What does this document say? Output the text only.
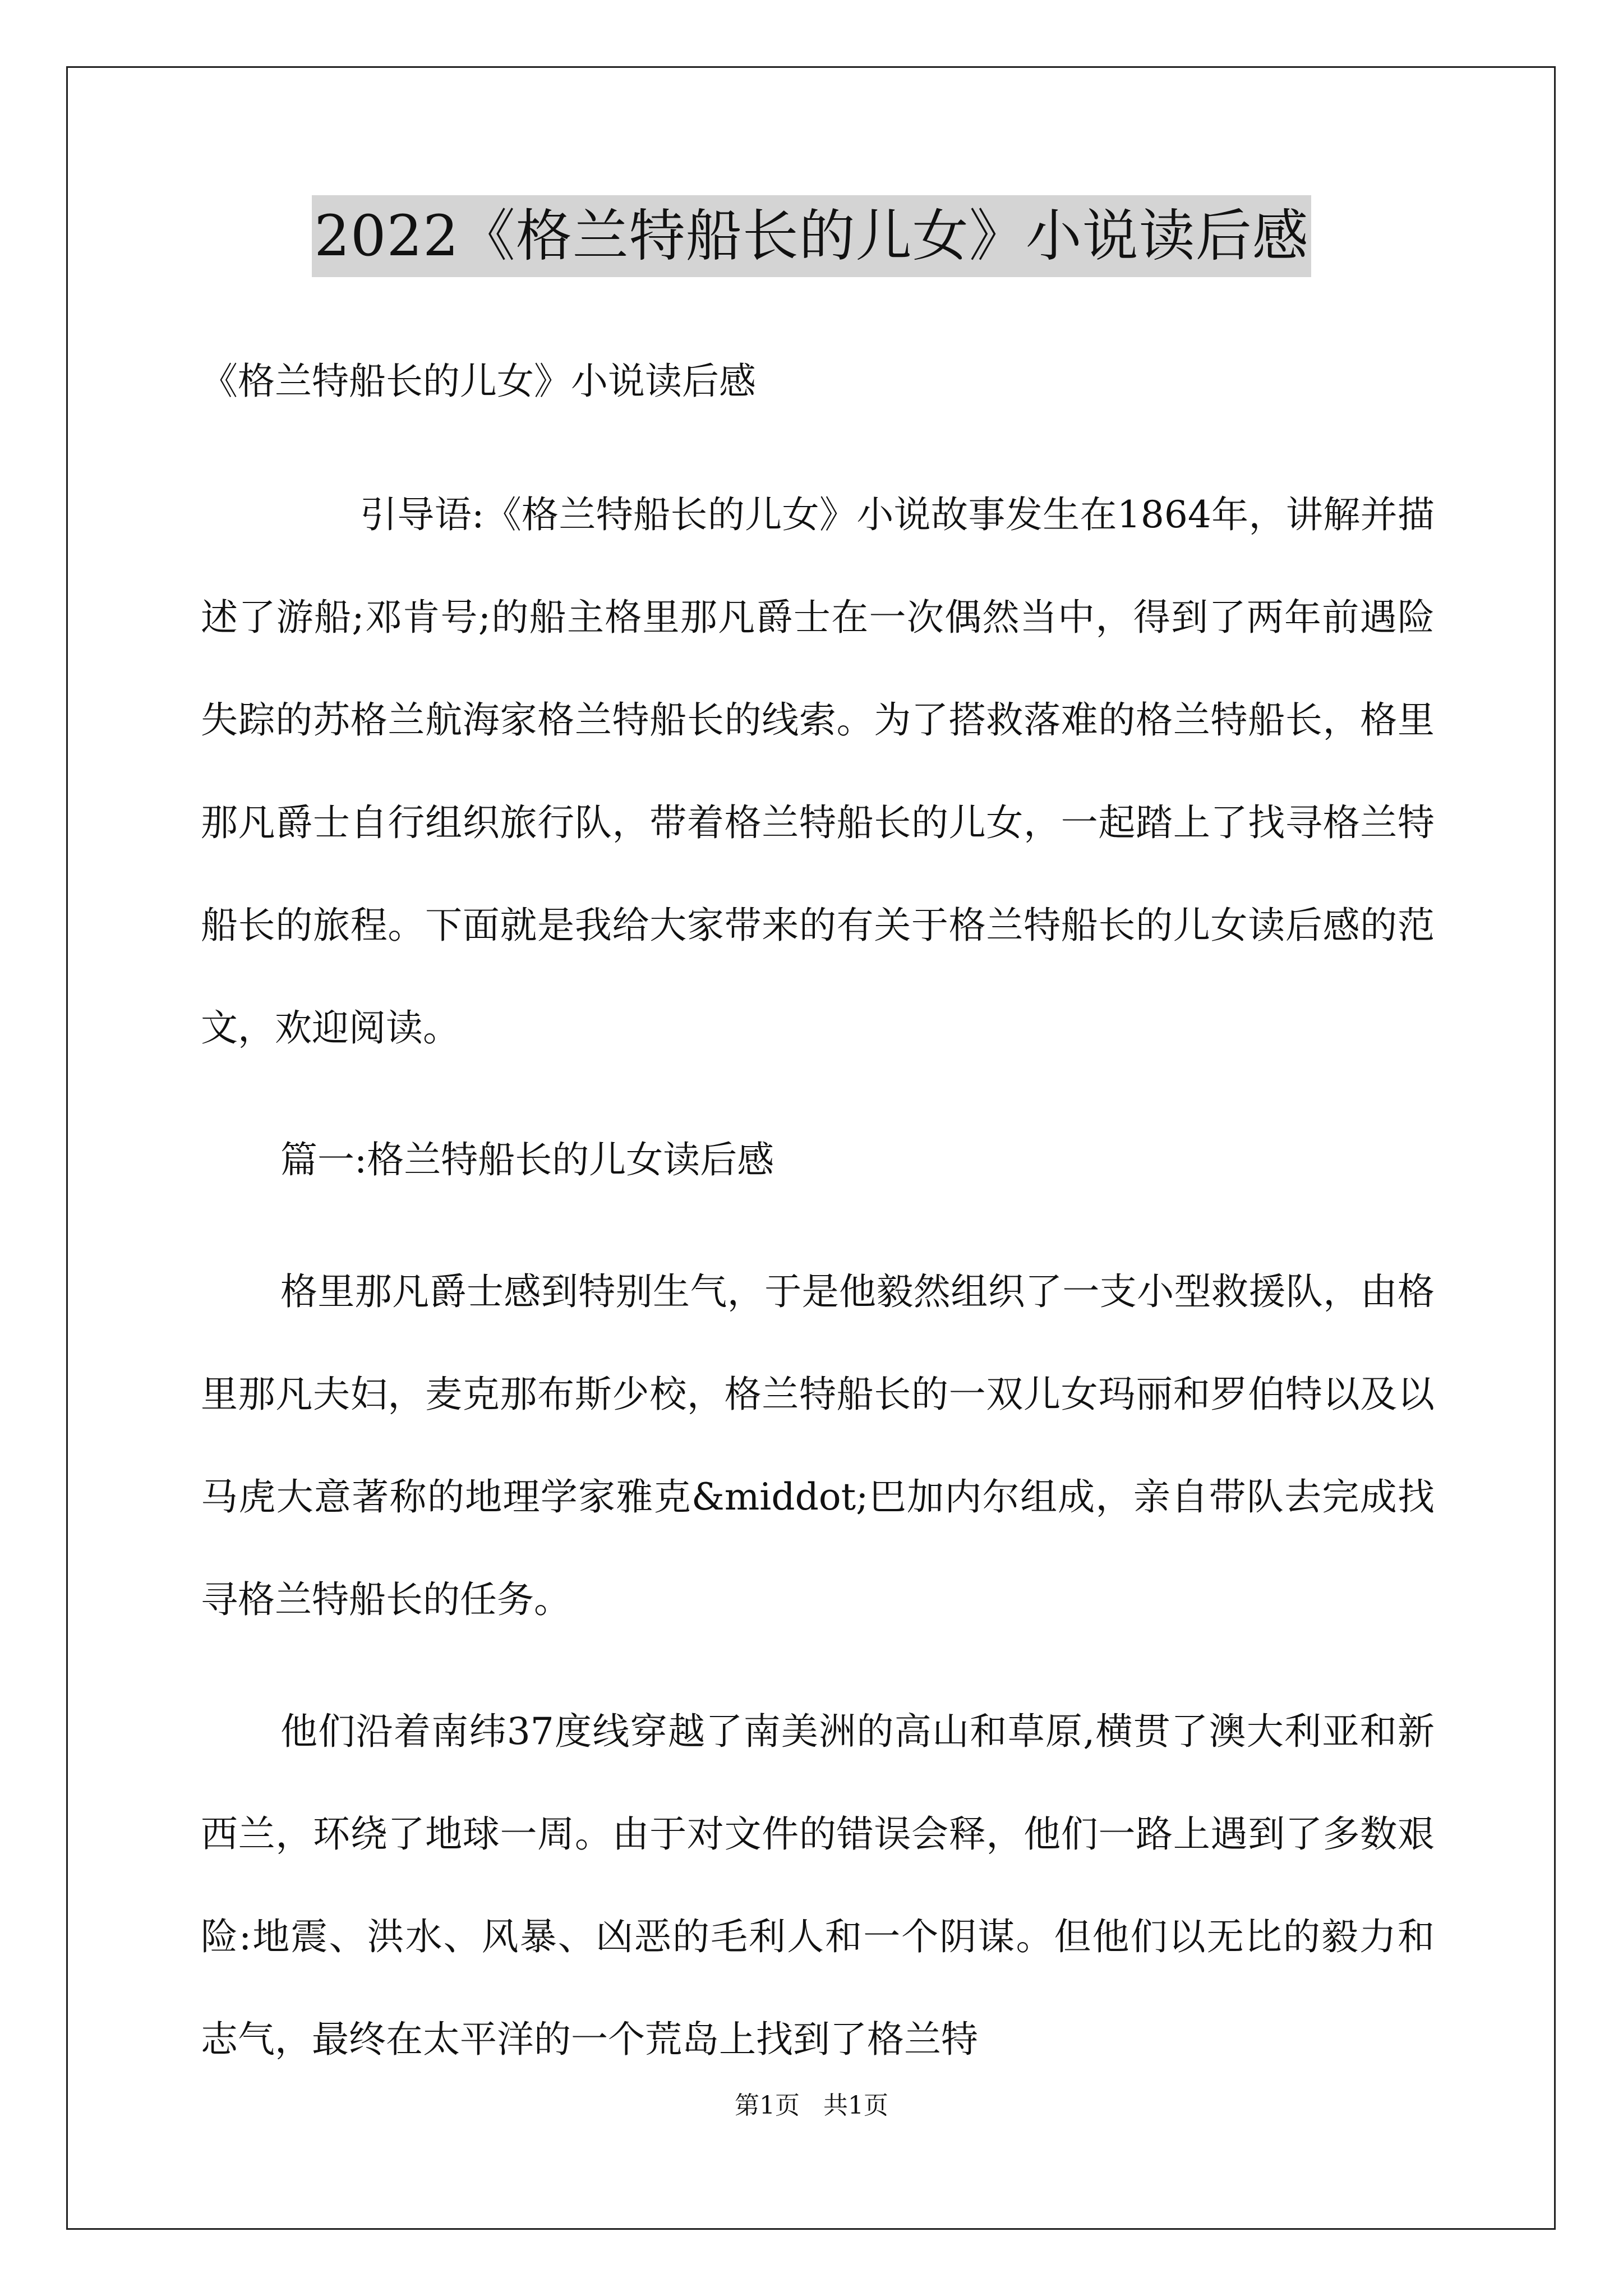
2022《格兰特船长的儿女》小说读后感

《格兰特船长的儿女》小说读后感

引导语:《格兰特船长的儿女》小说故事发生在1864年，讲解并描述了游船;邓肯号;的船主格里那凡爵士在一次偶然当中，得到了两年前遇险失踪的苏格兰航海家格兰特船长的线索。为了搭救落难的格兰特船长，格里那凡爵士自行组织旅行队，带着格兰特船长的儿女，一起踏上了找寻格兰特船长的旅程。下面就是我给大家带来的有关于格兰特船长的儿女读后感的范文，欢迎阅读。

篇一:格兰特船长的儿女读后感

格里那凡爵士感到特别生气，于是他毅然组织了一支小型救援队，由格里那凡夫妇，麦克那布斯少校，格兰特船长的一双儿女玛丽和罗伯特以及以马虎大意著称的地理学家雅克&middot;巴加内尔组成，亲自带队去完成找寻格兰特船长的任务。

他们沿着南纬37度线穿越了南美洲的高山和草原,横贯了澳大利亚和新西兰，环绕了地球一周。由于对文件的错误会释，他们一路上遇到了多数艰险:地震、洪水、风暴、凶恶的毛利人和一个阴谋。但他们以无比的毅力和志气，最终在太平洋的一个荒岛上找到了格兰特

第1页   共1页
